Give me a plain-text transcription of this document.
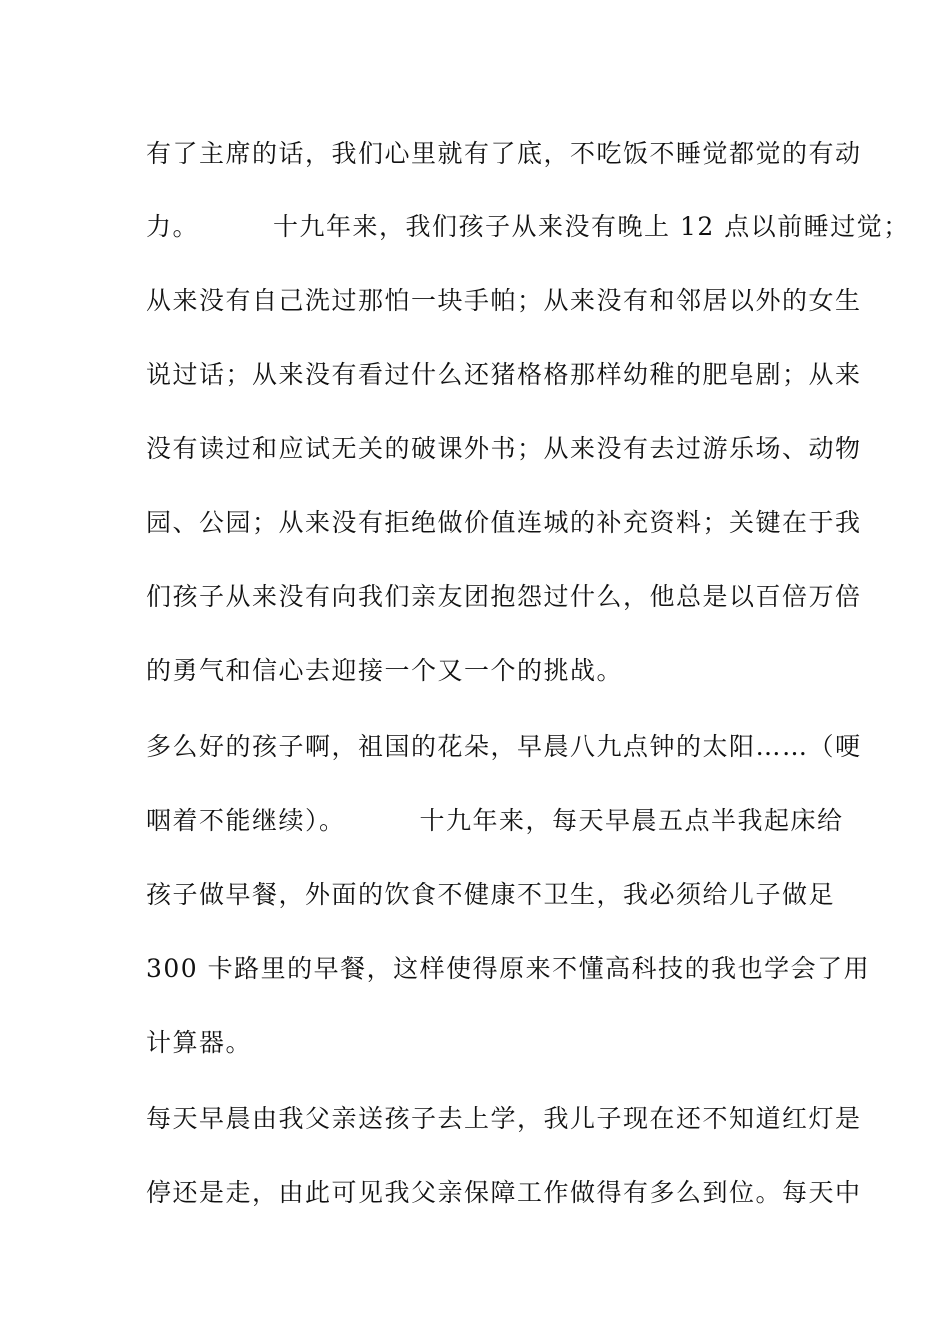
有了主席的话，我们心里就有了底，不吃饭不睡觉都觉的有动
力。	十九年来，我们孩子从来没有晚上 12 点以前睡过觉；
从来没有自己洗过那怕一块手帕；从来没有和邻居以外的女生
说过话；从来没有看过什么还猪格格那样幼稚的肥皂剧；从来
没有读过和应试无关的破课外书；从来没有去过游乐场、动物
园、公园；从来没有拒绝做价值连城的补充资料；关键在于我
们孩子从来没有向我们亲友团抱怨过什么，他总是以百倍万倍
的勇气和信心去迎接一个又一个的挑战。
多么好的孩子啊，祖国的花朵，早晨八九点钟的太阳……（哽
咽着不能继续）。	十九年来，每天早晨五点半我起床给
孩子做早餐，外面的饮食不健康不卫生，我必须给儿子做足
300 卡路里的早餐，这样使得原来不懂高科技的我也学会了用
计算器。
每天早晨由我父亲送孩子去上学，我儿子现在还不知道红灯是
停还是走，由此可见我父亲保障工作做得有多么到位。每天中
